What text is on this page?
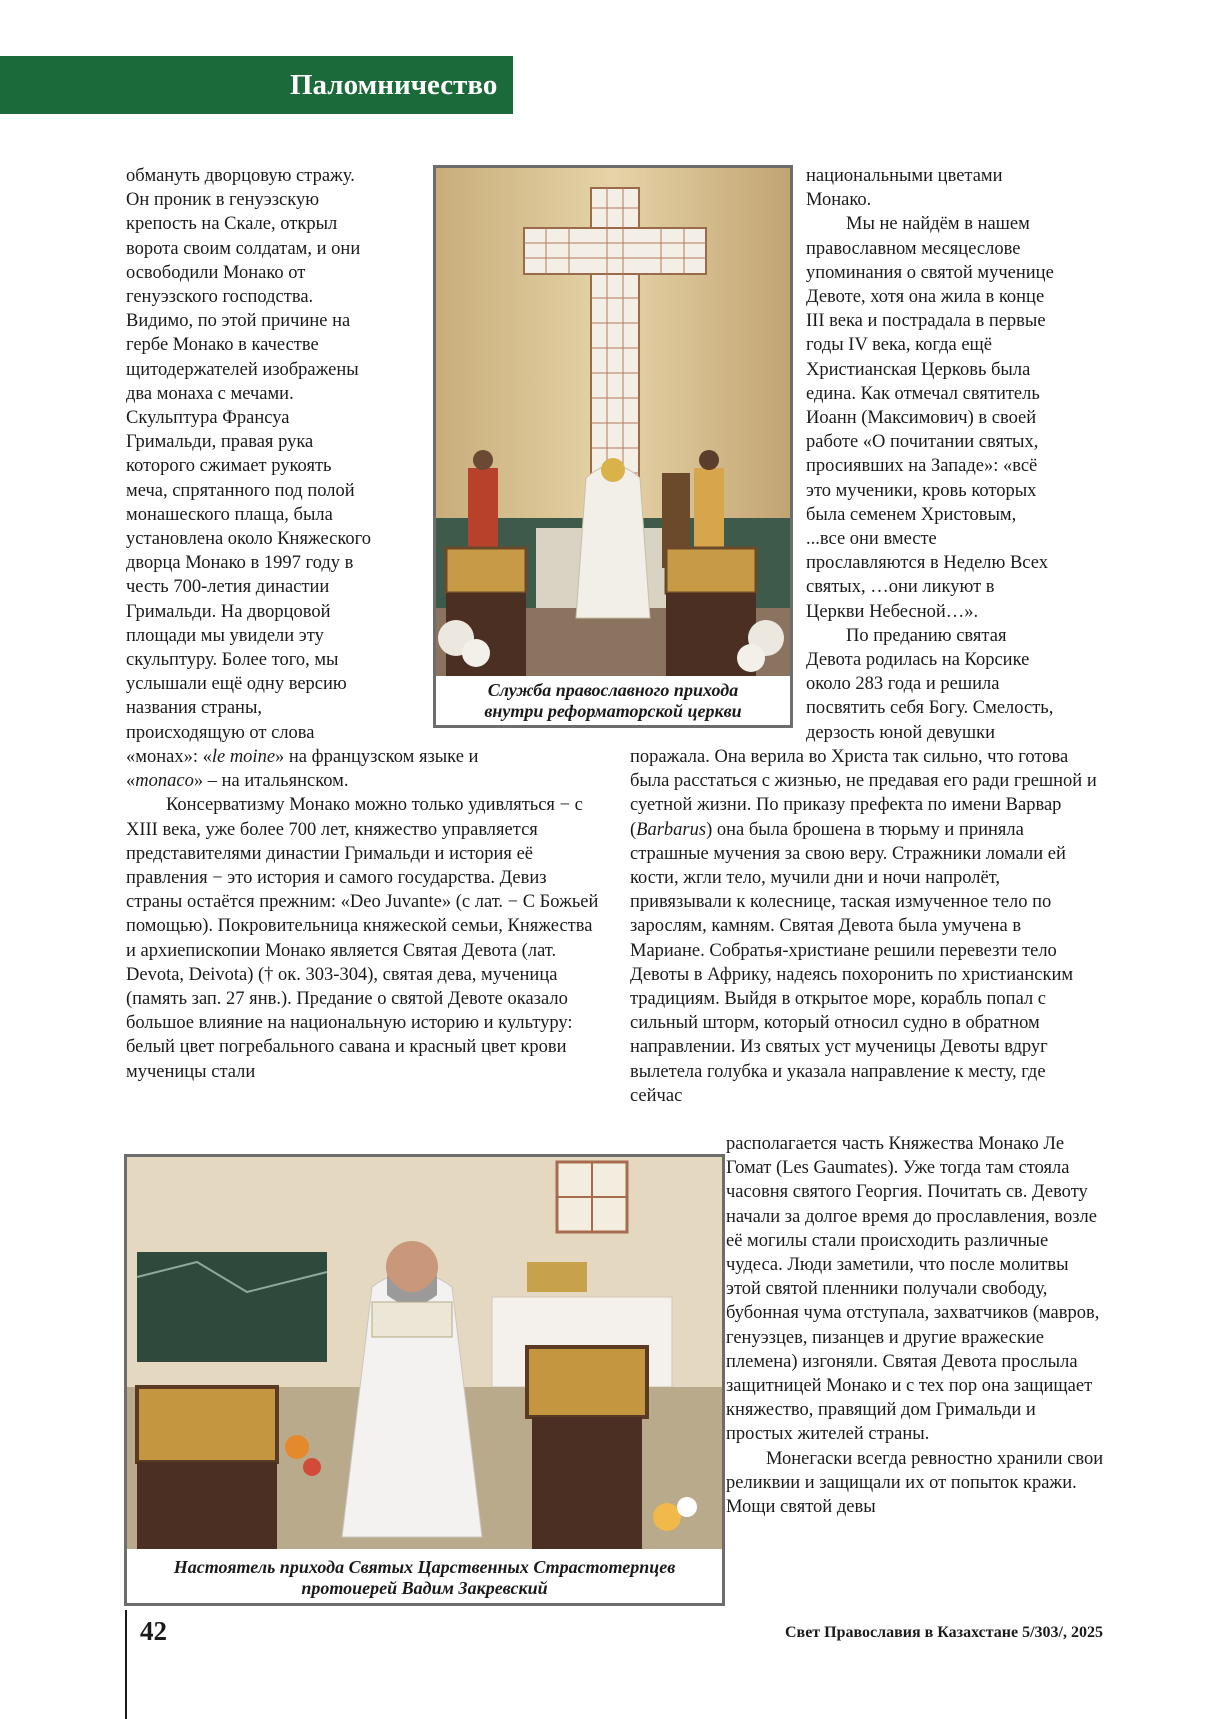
Паломничество

обмануть дворцовую стражу.

Он проник в генуэзскую

крепость на Скале, открыл

ворота своим солдатам, и они

освободили Монако от

генуэзского господства.

Видимо, по этой причине на

гербе Монако в качестве

щитодержателей изображены

два монаха с мечами.

Скульптура Франсуа

Гримальди, правая рука

которого сжимает рукоять

меча, спрятанного под полой

монашеского плаща, была

установлена около Княжеского

дворца Монако в 1997 году в

честь 700-летия династии

Гримальди. На дворцовой

площади мы увидели эту

скульптуру. Более того, мы

услышали ещё одну версию

названия страны,

происходящую от слова

«монах»: «le moine» на французском языке и

«monaco» – на итальянском.

Консерватизму Монако можно только удивляться − с XIII века, уже более 700 лет, княжество управляется представителями династии Гримальди и история её правления − это история и самого государства. Девиз страны остаётся прежним: «Deo Juvante» (с лат. − С Божьей помощью). Покровительница княжеской семьи, Княжества и архиепископии Монако является Святая Девота (лат. Devota, Deivota) († ок. 303-304), святая дева, мученица (память зап. 27 янв.). Предание о святой Девоте оказало большое влияние на национальную историю и культуру: белый цвет погребального савана и красный цвет крови мученицы стали

Служба православного прихода
внутри реформаторской церкви

национальными цветами

Монако.

Мы не найдём в нашем

православном месяцеслове

упоминания о святой мученице

Девоте, хотя она жила в конце

III века и пострадала в первые

годы IV века, когда ещё

Христианская Церковь была

едина. Как отмечал святитель

Иоанн (Максимович) в своей

работе «О почитании святых,

просиявших на Западе»: «всё

это мученики, кровь которых

была семенем Христовым,

...все они вместе

прославляются в Неделю Всех

святых, …они ликуют в

Церкви Небесной…».

По преданию святая

Девота родилась на Корсике

около 283 года и решила

посвятить себя Богу. Смелость,

дерзость юной девушки

поражала. Она верила во Христа так сильно, что готова была расстаться с жизнью, не предавая его ради грешной и суетной жизни. По приказу префекта по имени Варвар (Barbarus) она была брошена в тюрьму и приняла страшные мучения за свою веру. Стражники ломали ей кости, жгли тело, мучили дни и ночи напролёт, привязывали к колеснице, таская измученное тело по зарослям, камням. Святая Девота была умучена в Мариане. Собратья-христиане решили перевезти тело Девоты в Африку, надеясь похоронить по христианским традициям. Выйдя в открытое море, корабль попал с сильный шторм, который относил судно в обратном направлении. Из святых уст мученицы Девоты вдруг вылетела голубка и указала направление к месту, где сейчас

Настоятель прихода Святых Царственных Страстотерпцев
протоиерей Вадим Закревский

располагается часть Княжества Монако Ле Гомат (Les Gaumates). Уже тогда там стояла часовня святого Георгия. Почитать св. Девоту начали за долгое время до прославления, возле её могилы стали происходить различные чудеса. Люди заметили, что после молитвы этой святой пленники получали свободу, бубонная чума отступала, захватчиков (мавров, генуэзцев, пизанцев и другие вражеские племена) изгоняли. Святая Девота прослыла защитницей Монако и с тех пор она защищает княжество, правящий дом Гримальди и простых жителей страны.

Монегаски всегда ревностно хранили свои реликвии и защищали их от попыток кражи. Мощи святой девы

42	Свет Православия в Казахстане 5/303/, 2025
